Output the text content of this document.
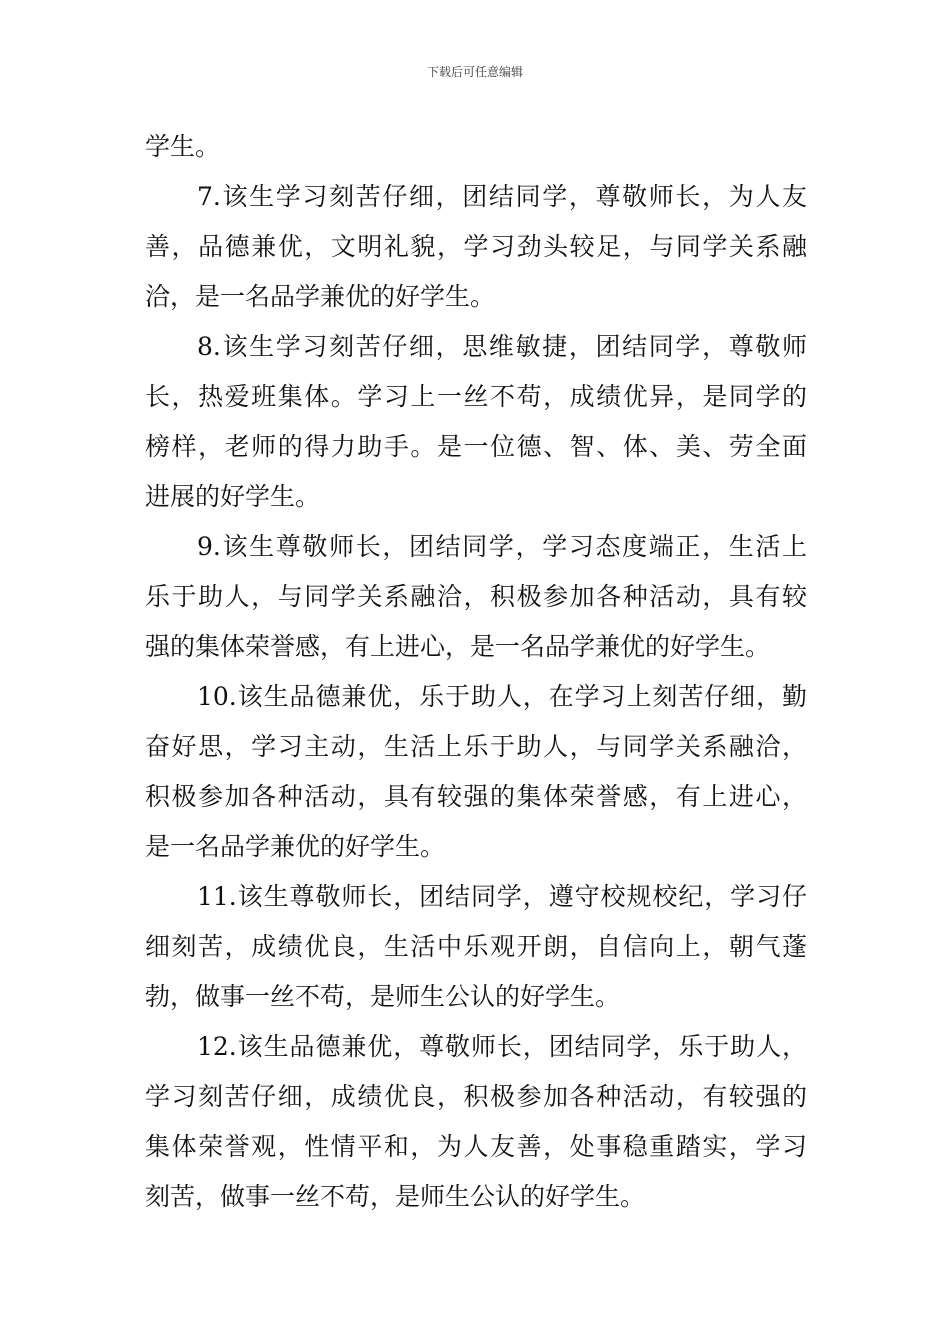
下载后可任意编辑
学生。
7.该生学习刻苦仔细，团结同学，尊敬师长，为人友
善，品德兼优，文明礼貌，学习劲头较足，与同学关系融
洽，是一名品学兼优的好学生。
8.该生学习刻苦仔细，思维敏捷，团结同学，尊敬师
长，热爱班集体。学习上一丝不苟，成绩优异，是同学的
榜样，老师的得力助手。是一位德、智、体、美、劳全面
进展的好学生。
9.该生尊敬师长，团结同学，学习态度端正，生活上
乐于助人，与同学关系融洽，积极参加各种活动，具有较
强的集体荣誉感，有上进心，是一名品学兼优的好学生。
10.该生品德兼优，乐于助人，在学习上刻苦仔细，勤
奋好思，学习主动，生活上乐于助人，与同学关系融洽，
积极参加各种活动，具有较强的集体荣誉感，有上进心，
是一名品学兼优的好学生。
11.该生尊敬师长，团结同学，遵守校规校纪，学习仔
细刻苦，成绩优良，生活中乐观开朗，自信向上，朝气蓬
勃，做事一丝不苟，是师生公认的好学生。
12.该生品德兼优，尊敬师长，团结同学，乐于助人，
学习刻苦仔细，成绩优良，积极参加各种活动，有较强的
集体荣誉观，性情平和，为人友善，处事稳重踏实，学习
刻苦，做事一丝不苟，是师生公认的好学生。
